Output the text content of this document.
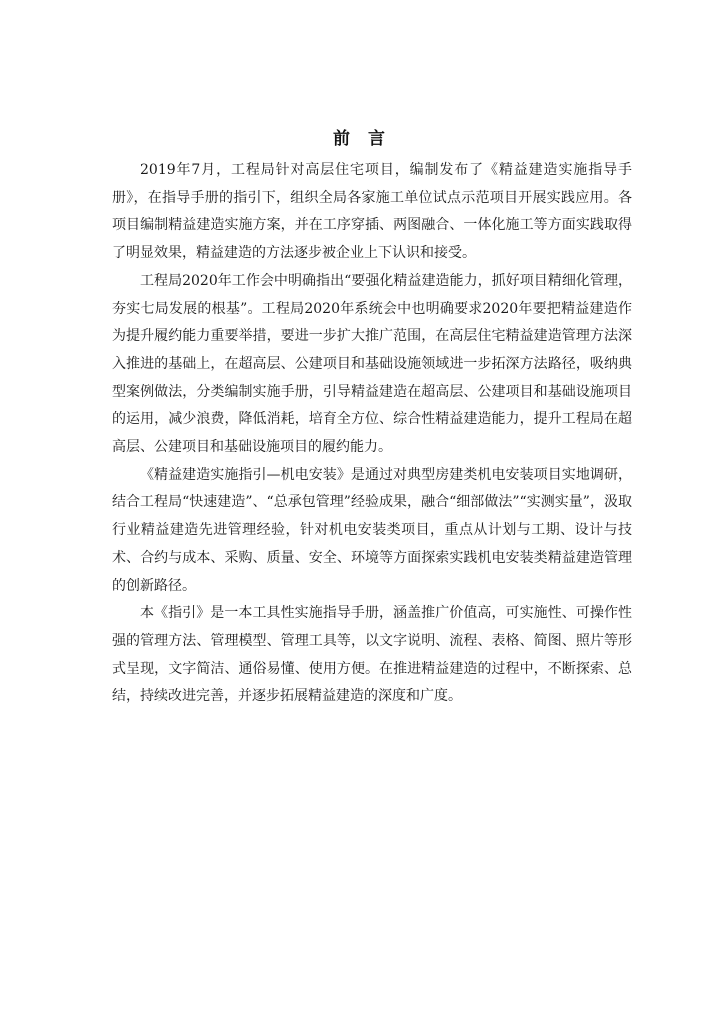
前 言

2019年7月，工程局针对高层住宅项目，编制发布了《精益建造实施指导手册》，在指导手册的指引下，组织全局各家施工单位试点示范项目开展实践应用。各项目编制精益建造实施方案，并在工序穿插、两图融合、一体化施工等方面实践取得了明显效果，精益建造的方法逐步被企业上下认识和接受。

工程局2020年工作会中明确指出“要强化精益建造能力，抓好项目精细化管理，夯实七局发展的根基”。工程局2020年系统会中也明确要求2020年要把精益建造作为提升履约能力重要举措，要进一步扩大推广范围，在高层住宅精益建造管理方法深入推进的基础上，在超高层、公建项目和基础设施领域进一步拓深方法路径，吸纳典型案例做法，分类编制实施手册，引导精益建造在超高层、公建项目和基础设施项目的运用，减少浪费，降低消耗，培育全方位、综合性精益建造能力，提升工程局在超高层、公建项目和基础设施项目的履约能力。

《精益建造实施指引—机电安装》是通过对典型房建类机电安装项目实地调研，结合工程局“快速建造”、“总承包管理”经验成果，融合“细部做法”“实测实量”，汲取行业精益建造先进管理经验，针对机电安装类项目，重点从计划与工期、设计与技术、合约与成本、采购、质量、安全、环境等方面探索实践机电安装类精益建造管理的创新路径。

本《指引》是一本工具性实施指导手册，涵盖推广价值高，可实施性、可操作性强的管理方法、管理模型、管理工具等，以文字说明、流程、表格、简图、照片等形式呈现，文字简洁、通俗易懂、使用方便。在推进精益建造的过程中，不断探索、总结，持续改进完善，并逐步拓展精益建造的深度和广度。
